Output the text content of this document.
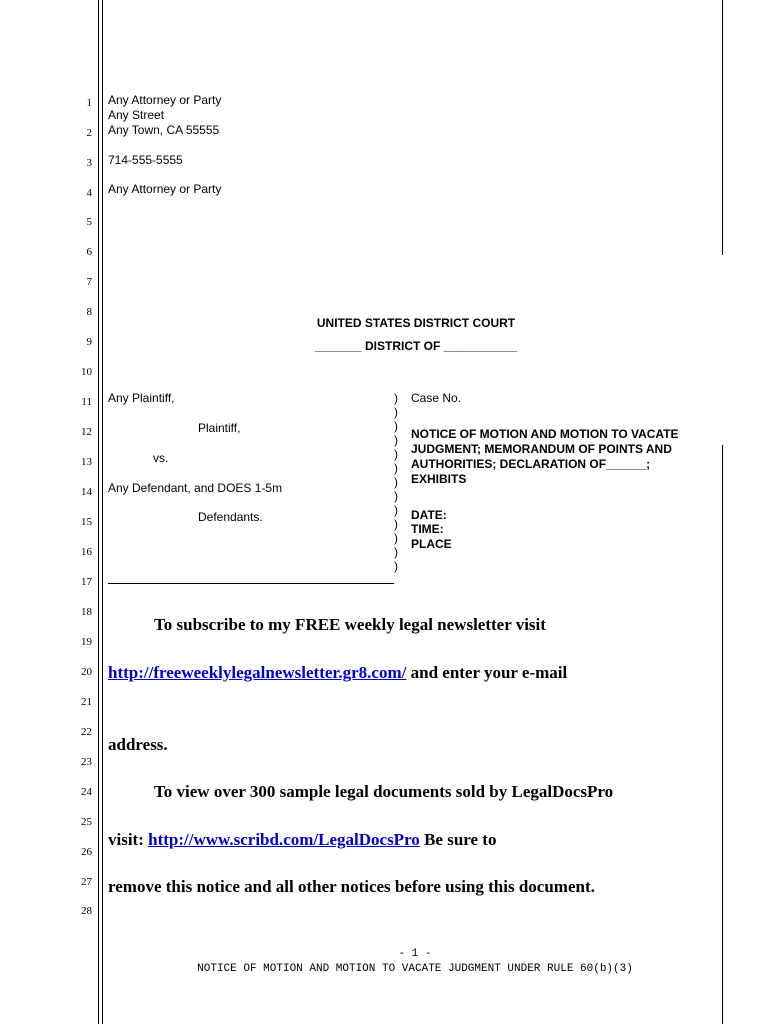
1
2
3
4
5
6
7
8
9
10
11
12
13
14
15
16
17
18
19
20
21
22
23
24
25
26
27
28
Any Attorney or Party
Any Street
Any Town, CA 55555
714-555-5555
Any Attorney or Party
UNITED STATES DISTRICT COURT
_______ DISTRICT OF ___________
Any Plaintiff,
Plaintiff,
vs.
Any Defendant, and DOES 1-5m
Defendants.
)
)
)
)
)
)
)
)
)
)
)
)
)
Case No.
NOTICE OF MOTION AND MOTION TO VACATE
JUDGMENT; MEMORANDUM OF POINTS AND
AUTHORITIES; DECLARATION OF______;
EXHIBITS
DATE:
TIME:
PLACE
To subscribe to my FREE weekly legal newsletter visit
http://freeweeklylegalnewsletter.gr8.com/ and enter your e-mail
address.
To view over 300 sample legal documents sold by LegalDocsPro
visit: http://www.scribd.com/LegalDocsPro Be sure to
remove this notice and all other notices before using this document.
- 1 -
NOTICE OF MOTION AND MOTION TO VACATE JUDGMENT UNDER RULE 60(b)(3)
